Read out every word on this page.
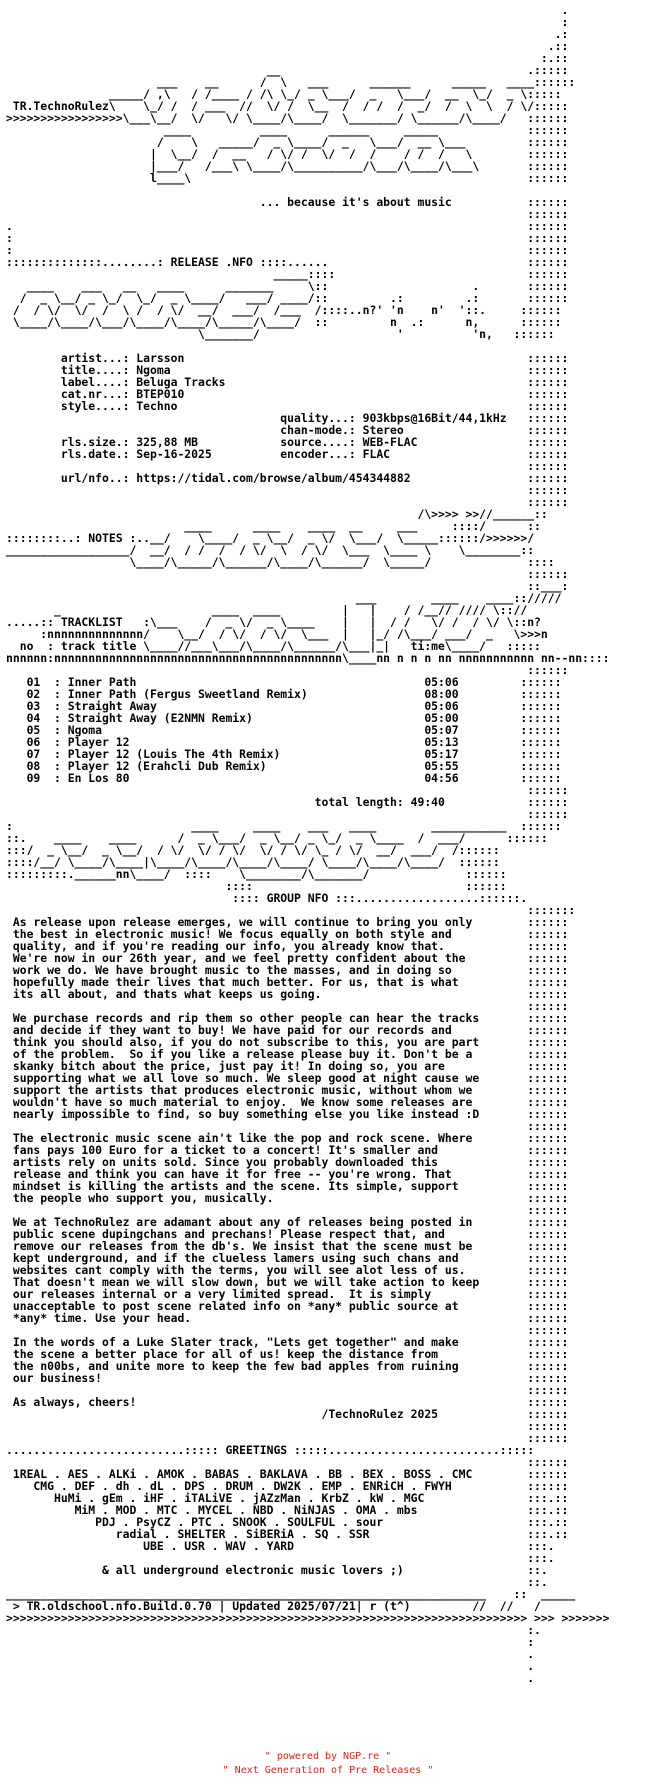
.
:
.:
.::
:.::
__                                    .:::::
___    __      /  \   ___      ______      _____   ____::::::
_____/ ,\   / /____ / /\ \_/ _ \___/  _   \___/  __  \_/  _ \:::::
TR.TechnoRulez\    \_/ /  / ___  //  \/ /  \__  /  / /  /  _/  /  \  \  / \/:::::
>>>>>>>>>>>>>>>>>\___\__/  \/   \/ \____/\____/  \_______/ \______/\____/   ::::::
____          ____      ______     _____             ::::::
/    \   _____/  _ \____/  _   \___/  __ \___         ::::::
|  \__/  /  __   / \/ /  \/  /  /    / /  /   \        ::::::
|___/   /___\ \____/\__________/\___/\____/\___\       ::::::
l____\                                                 ::::::

... because it's about music           ::::::
::::::
.                                                                           ::::::
:                                                                           ::::::
:                                                                           ::::::
::::::::::::::........: RELEASE .NFO ::::......                             ::::::
_____::::                            ::::::
____    ___   __   ____      _______     \::                     .       ::::::
/  _ \__/ _ \_/  \_/  _ \____/   ___/ ____/::         .:         .:       ::::::
/  / \/  \/  /  \ /  / \/  __/  ___/  /___  /::::..n?' 'n    n'  '::.     ::::::
\____/\____/\___/\____/\____/\_____/\____/  ::         n  .:      n,      ::::::
\_______/                    '          'n,   ::::::

artist...: Larsson                                                  ::::::
title....: Ngoma                                                    ::::::
label....: Beluga Tracks                                            ::::::
cat.nr...: BTEP010                                                  ::::::
style....: Techno                                                   ::::::
quality...: 903kbps@16Bit/44,1kHz   ::::::
chan-mode.: Stereo                  ::::::
rls.size.: 325,88 MB            source....: WEB-FLAC                ::::::
rls.date.: Sep-16-2025          encoder...: FLAC                    ::::::
::::::
url/nfo..: https://tidal.com/browse/album/454344882                 ::::::
::::::
::::::
/\>>>> >>//______::
____      ____    ____  __     ___     ::::/      ::
::::::::..: NOTES :..__/    \____/  _ \__/  _ \/  \___/  \_____::::::/>>>>>>/
__________________/  __/  / /  /  / \/  \  / \/  \___  \____ \    \________::
\____/\_____/\______/\____/\______/  \_____/              ::::
::::::
::___:
___        ____    ____:://///
_                      ____  ____         |   |    / /__// //// \:://
.....:: TRACKLIST   :\___    /  _ \/  _ \____    |   |  / /   \/ /  / \/ \::n?
:nnnnnnnnnnnnnn/    \__/  / \/  / \/  \___  |   |_/ /\___/ ___/  _   \>>>n
no  : track title \____//___\___/\____/\______/\___|_|   ti:me\____/   :::::
nnnnnn:nnnnnnnnnnnnnnnnnnnnnnnnnnnnnnnnnnnnnnnnnn\____nn n n n nn nnnnnnnnnnn nn--nn::::
::::::
01  : Inner Path                                          05:06         ::::::
02  : Inner Path (Fergus Sweetland Remix)                 08:00         ::::::
03  : Straight Away                                       05:06         ::::::
04  : Straight Away (E2NMN Remix)                         05:00         ::::::
05  : Ngoma                                               05:07         ::::::
06  : Player 12                                           05:13         ::::::
07  : Player 12 (Louis The 4th Remix)                     05:17         ::::::
08  : Player 12 (Erahcli Dub Remix)                       05:55         ::::::
09  : En Los 80                                           04:56         ::::::
::::::
total length: 49:40            ::::::
::::::
:                          ____     ____    ___   ____        ___________  ::::::
::.    ____    ____      /  _ \___/  _ \__/ _ \_/  _ \____  /  ___/      ::::::
:::/  _ \__/  _ \__/  / \/  \/ / \/  \/ / \/ \_ / \/  __/  ___/  /::::::
::::/__/ \____/\____|\____/\____/\____/\____/ \____/\____/\____/  ::::::
:::::::::.______nn\____/  ::::    \________/\_______/              ::::::
::::                               ::::::
:::: GROUP NFO :::..................::::::.
:::::::
As release upon release emerges, we will continue to bring you only        ::::::
the best in electronic music! We focus equally on both style and           ::::::
quality, and if you're reading our info, you already know that.            ::::::
We're now in our 26th year, and we feel pretty confident about the         ::::::
work we do. We have brought music to the masses, and in doing so           ::::::
hopefully made their lives that much better. For us, that is what          ::::::
its all about, and thats what keeps us going.                              ::::::
::::::
We purchase records and rip them so other people can hear the tracks       ::::::
and decide if they want to buy! We have paid for our records and           ::::::
think you should also, if you do not subscribe to this, you are part       ::::::
of the problem.  So if you like a release please buy it. Don't be a        ::::::
skanky bitch about the price, just pay it! In doing so, you are            ::::::
supporting what we all love so much. We sleep good at night cause we       ::::::
support the artists that produces electronic music, without whom we        ::::::
wouldn't have so much material to enjoy.  We know some releases are        ::::::
nearly impossible to find, so buy something else you like instead :D       ::::::
::::::
The electronic music scene ain't like the pop and rock scene. Where        ::::::
fans pays 100 Euro for a ticket to a concert! It's smaller and             ::::::
artists rely on units sold. Since you probably downloaded this             ::::::
release and think you can have it for free -- you're wrong. That           ::::::
mindset is killing the artists and the scene. Its simple, support          ::::::
the people who support you, musically.                                     ::::::
::::::
We at TechnoRulez are adamant about any of releases being posted in        ::::::
public scene dupingchans and prechans! Please respect that, and            ::::::
remove our releases from the db's. We insist that the scene must be        ::::::
kept underground, and if the clueless lamers using such chans and          ::::::
websites cant comply with the terms, you will see alot less of us.         ::::::
That doesn't mean we will slow down, but we will take action to keep       ::::::
our releases internal or a very limited spread.  It is simply              ::::::
unacceptable to post scene related info on *any* public source at          ::::::
*any* time. Use your head.                                                 ::::::
::::::
In the words of a Luke Slater track, "Lets get together" and make          ::::::
the scene a better place for all of us! keep the distance from             ::::::
the n00bs, and unite more to keep the few bad apples from ruining          ::::::
our business!                                                              ::::::
::::::
As always, cheers!                                                         ::::::
/TechnoRulez 2025             ::::::
::::::
::::::
..........................::::: GREETINGS :::::.........................:::::
::::::
1REAL . AES . ALKi . AMOK . BABAS . BAKLAVA . BB . BEX . BOSS . CMC        ::::::
CMG . DEF . dh . dL . DPS . DRUM . DW2K . EMP . ENRiCH . FWYH           ::::::
HuMi . gEm . iHF . iTALiVE . jAZzMan . KrbZ . kW . MGC               :::.::
MiM . MOD . MTC . MYCEL . NBD . NiNJAS . OMA . mbs                :::.::
PDJ . PsyCZ . PTC . SNOOK . SOULFUL . sour                     :::.::
radial . SHELTER . SiBERiA . SQ . SSR                       :::.::
UBE . USR . WAV . YARD                                  :::.
:::.
& all underground electronic music lovers ;)                  ::.
::.
______________________________________________________________________    ::  _____
> TR.oldschool.nfo.Build.0.70 | Updated 2025/07/21| r (t^)         //  //   /
>>>>>>>>>>>>>>>>>>>>>>>>>>>>>>>>>>>>>>>>>>>>>>>>>>>>>>>>>>>>>>>>>>>>>>>>>>>> >>> >>>>>>>
:.
:
.
.
.
" powered by NGP.re "
" Next Generation of Pre Releases "
